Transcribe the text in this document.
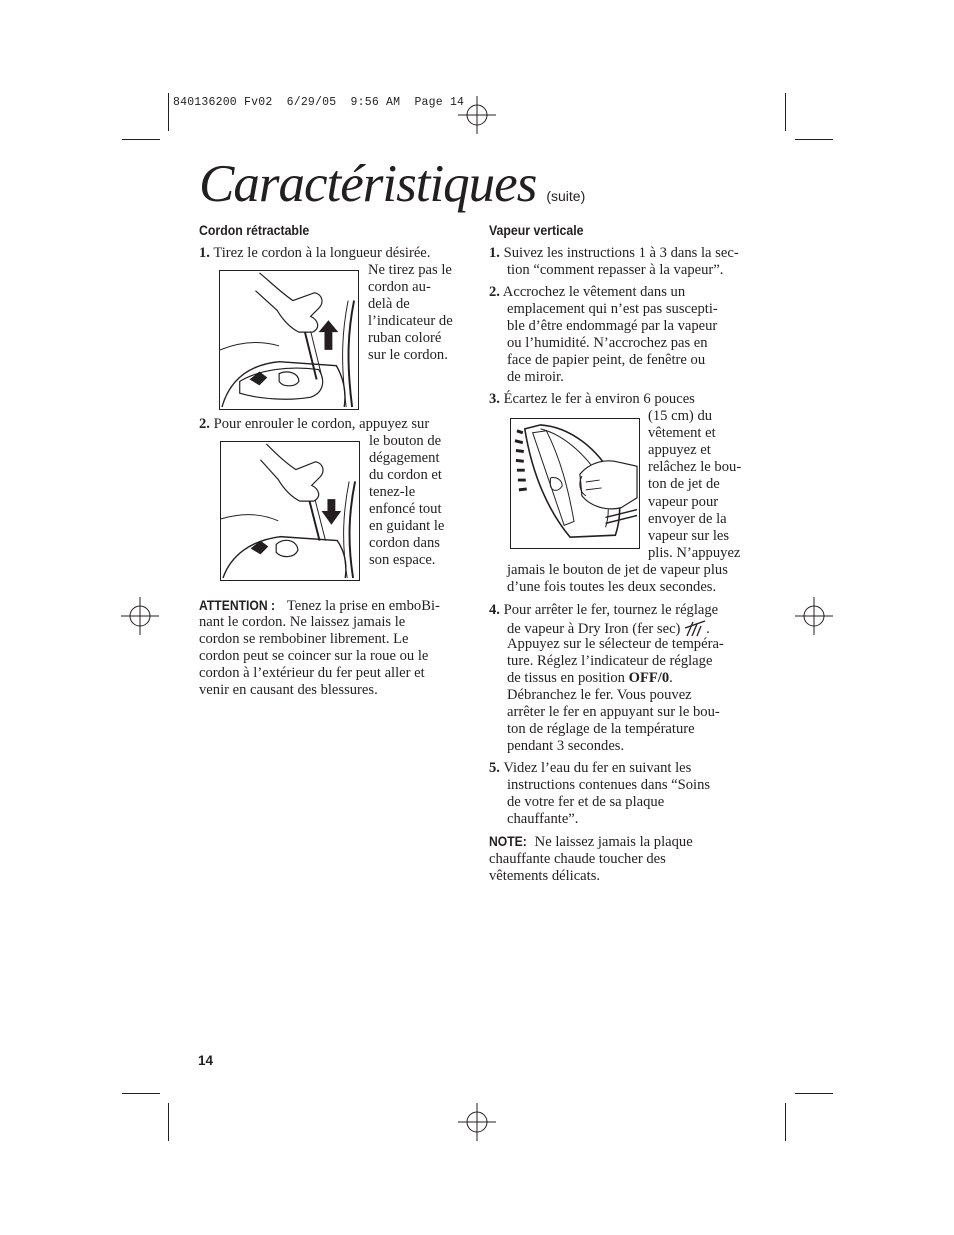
840136200 Fv02  6/29/05  9:56 AM  Page 14
Caractéristiques (suite)
Cordon rétractable
1. Tirez le cordon à la longueur désirée.
Ne tirez pas le
cordon au-
delà de
l’indicateur de
ruban coloré
sur le cordon.
2. Pour enrouler le cordon, appuyez sur
le bouton de
dégagement
du cordon et
tenez-le
enfoncé tout
en guidant le
cordon dans
son espace.
ATTENTION : Tenez la prise en emboBi-
nant le cordon. Ne laissez jamais le
cordon se rembobiner librement. Le
cordon peut se coincer sur la roue ou le
cordon à l’extérieur du fer peut aller et
venir en causant des blessures.
Vapeur verticale
1. Suivez les instructions 1 à 3 dans la sec-
tion “comment repasser à la vapeur”.
2. Accrochez le vêtement dans un
emplacement qui n’est pas suscepti-
ble d’être endommagé par la vapeur
ou l’humidité. N’accrochez pas en
face de papier peint, de fenêtre ou
de miroir.
3. Écartez le fer à environ 6 pouces
(15 cm) du
vêtement et
appuyez et
relâchez le bou-
ton de jet de
vapeur pour
envoyer de la
vapeur sur les
plis. N’appuyez
jamais le bouton de jet de vapeur plus
d’une fois toutes les deux secondes.
4. Pour arrêter le fer, tournez le réglage
de vapeur à Dry Iron (fer sec) .
Appuyez sur le sélecteur de tempéra-
ture. Réglez l’indicateur de réglage
de tissus en position OFF/0.
Débranchez le fer. Vous pouvez
arrêter le fer en appuyant sur le bou-
ton de réglage de la température
pendant 3 secondes.
5. Videz l’eau du fer en suivant les
instructions contenues dans “Soins
de votre fer et de sa plaque
chauffante”.
NOTE: Ne laissez jamais la plaque
chauffante chaude toucher des
vêtements délicats.
14
